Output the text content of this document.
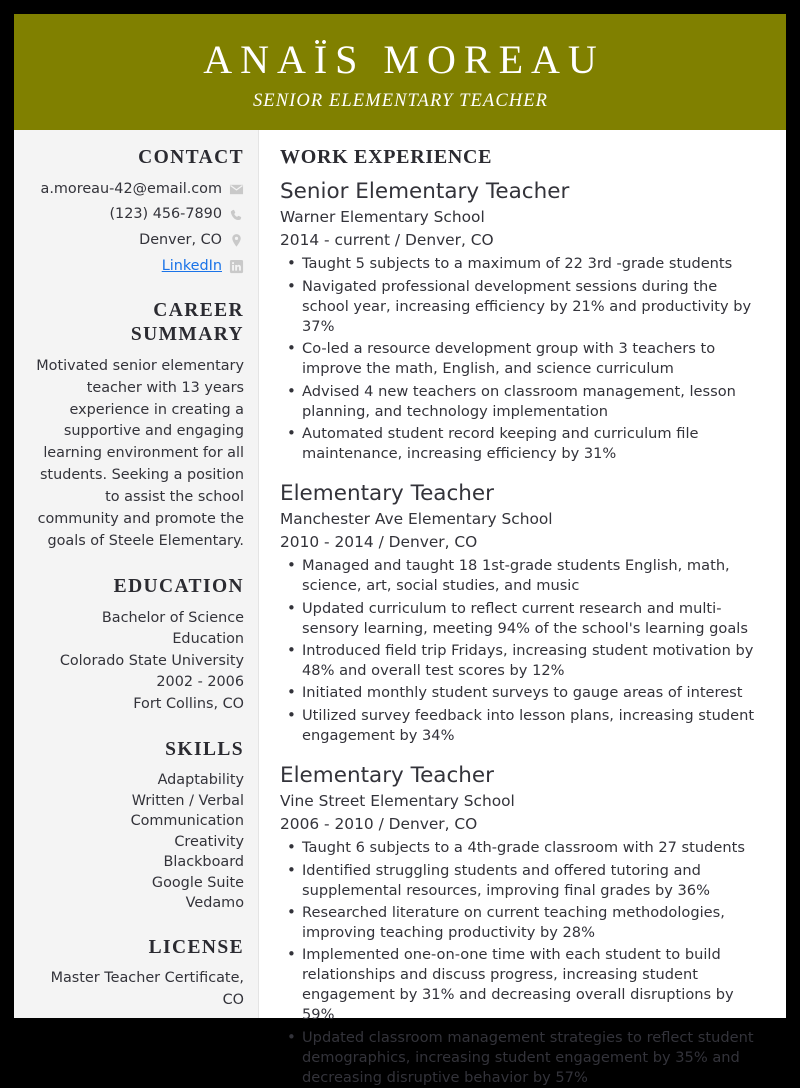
ANAÏS MOREAU
SENIOR ELEMENTARY TEACHER
CONTACT
a.moreau-42@email.com
(123) 456-7890
Denver, CO
LinkedIn
CAREER
SUMMARY
Motivated senior elementary teacher with 13 years experience in creating a supportive and engaging learning environment for all students. Seeking a position to assist the school community and promote the goals of Steele Elementary.
EDUCATION
Bachelor of Science
Education
Colorado State University
2002 - 2006
Fort Collins, CO
SKILLS
Adaptability
Written / Verbal Communication
Creativity
Blackboard
Google Suite
Vedamo
LICENSE
Master Teacher Certificate, CO
WORK EXPERIENCE
Senior Elementary Teacher
Warner Elementary School
2014 - current / Denver, CO
• Taught 5 subjects to a maximum of 22 3rd -grade students
• Navigated professional development sessions during the school year, increasing efficiency by 21% and productivity by 37%
• Co-led a resource development group with 3 teachers to improve the math, English, and science curriculum
• Advised 4 new teachers on classroom management, lesson planning, and technology implementation
• Automated student record keeping and curriculum file maintenance, increasing efficiency by 31%
Elementary Teacher
Manchester Ave Elementary School
2010 - 2014 / Denver, CO
• Managed and taught 18 1st-grade students English, math, science, art, social studies, and music
• Updated curriculum to reflect current research and multi-sensory learning, meeting 94% of the school's learning goals
• Introduced field trip Fridays, increasing student motivation by 48% and overall test scores by 12%
• Initiated monthly student surveys to gauge areas of interest
• Utilized survey feedback into lesson plans, increasing student engagement by 34%
Elementary Teacher
Vine Street Elementary School
2006 - 2010 / Denver, CO
• Taught 6 subjects to a 4th-grade classroom with 27 students
• Identified struggling students and offered tutoring and supplemental resources, improving final grades by 36%
• Researched literature on current teaching methodologies, improving teaching productivity by 28%
• Implemented one-on-one time with each student to build relationships and discuss progress, increasing student engagement by 31% and decreasing overall disruptions by 59%
• Updated classroom management strategies to reflect student demographics, increasing student engagement by 35% and decreasing disruptive behavior by 57%
